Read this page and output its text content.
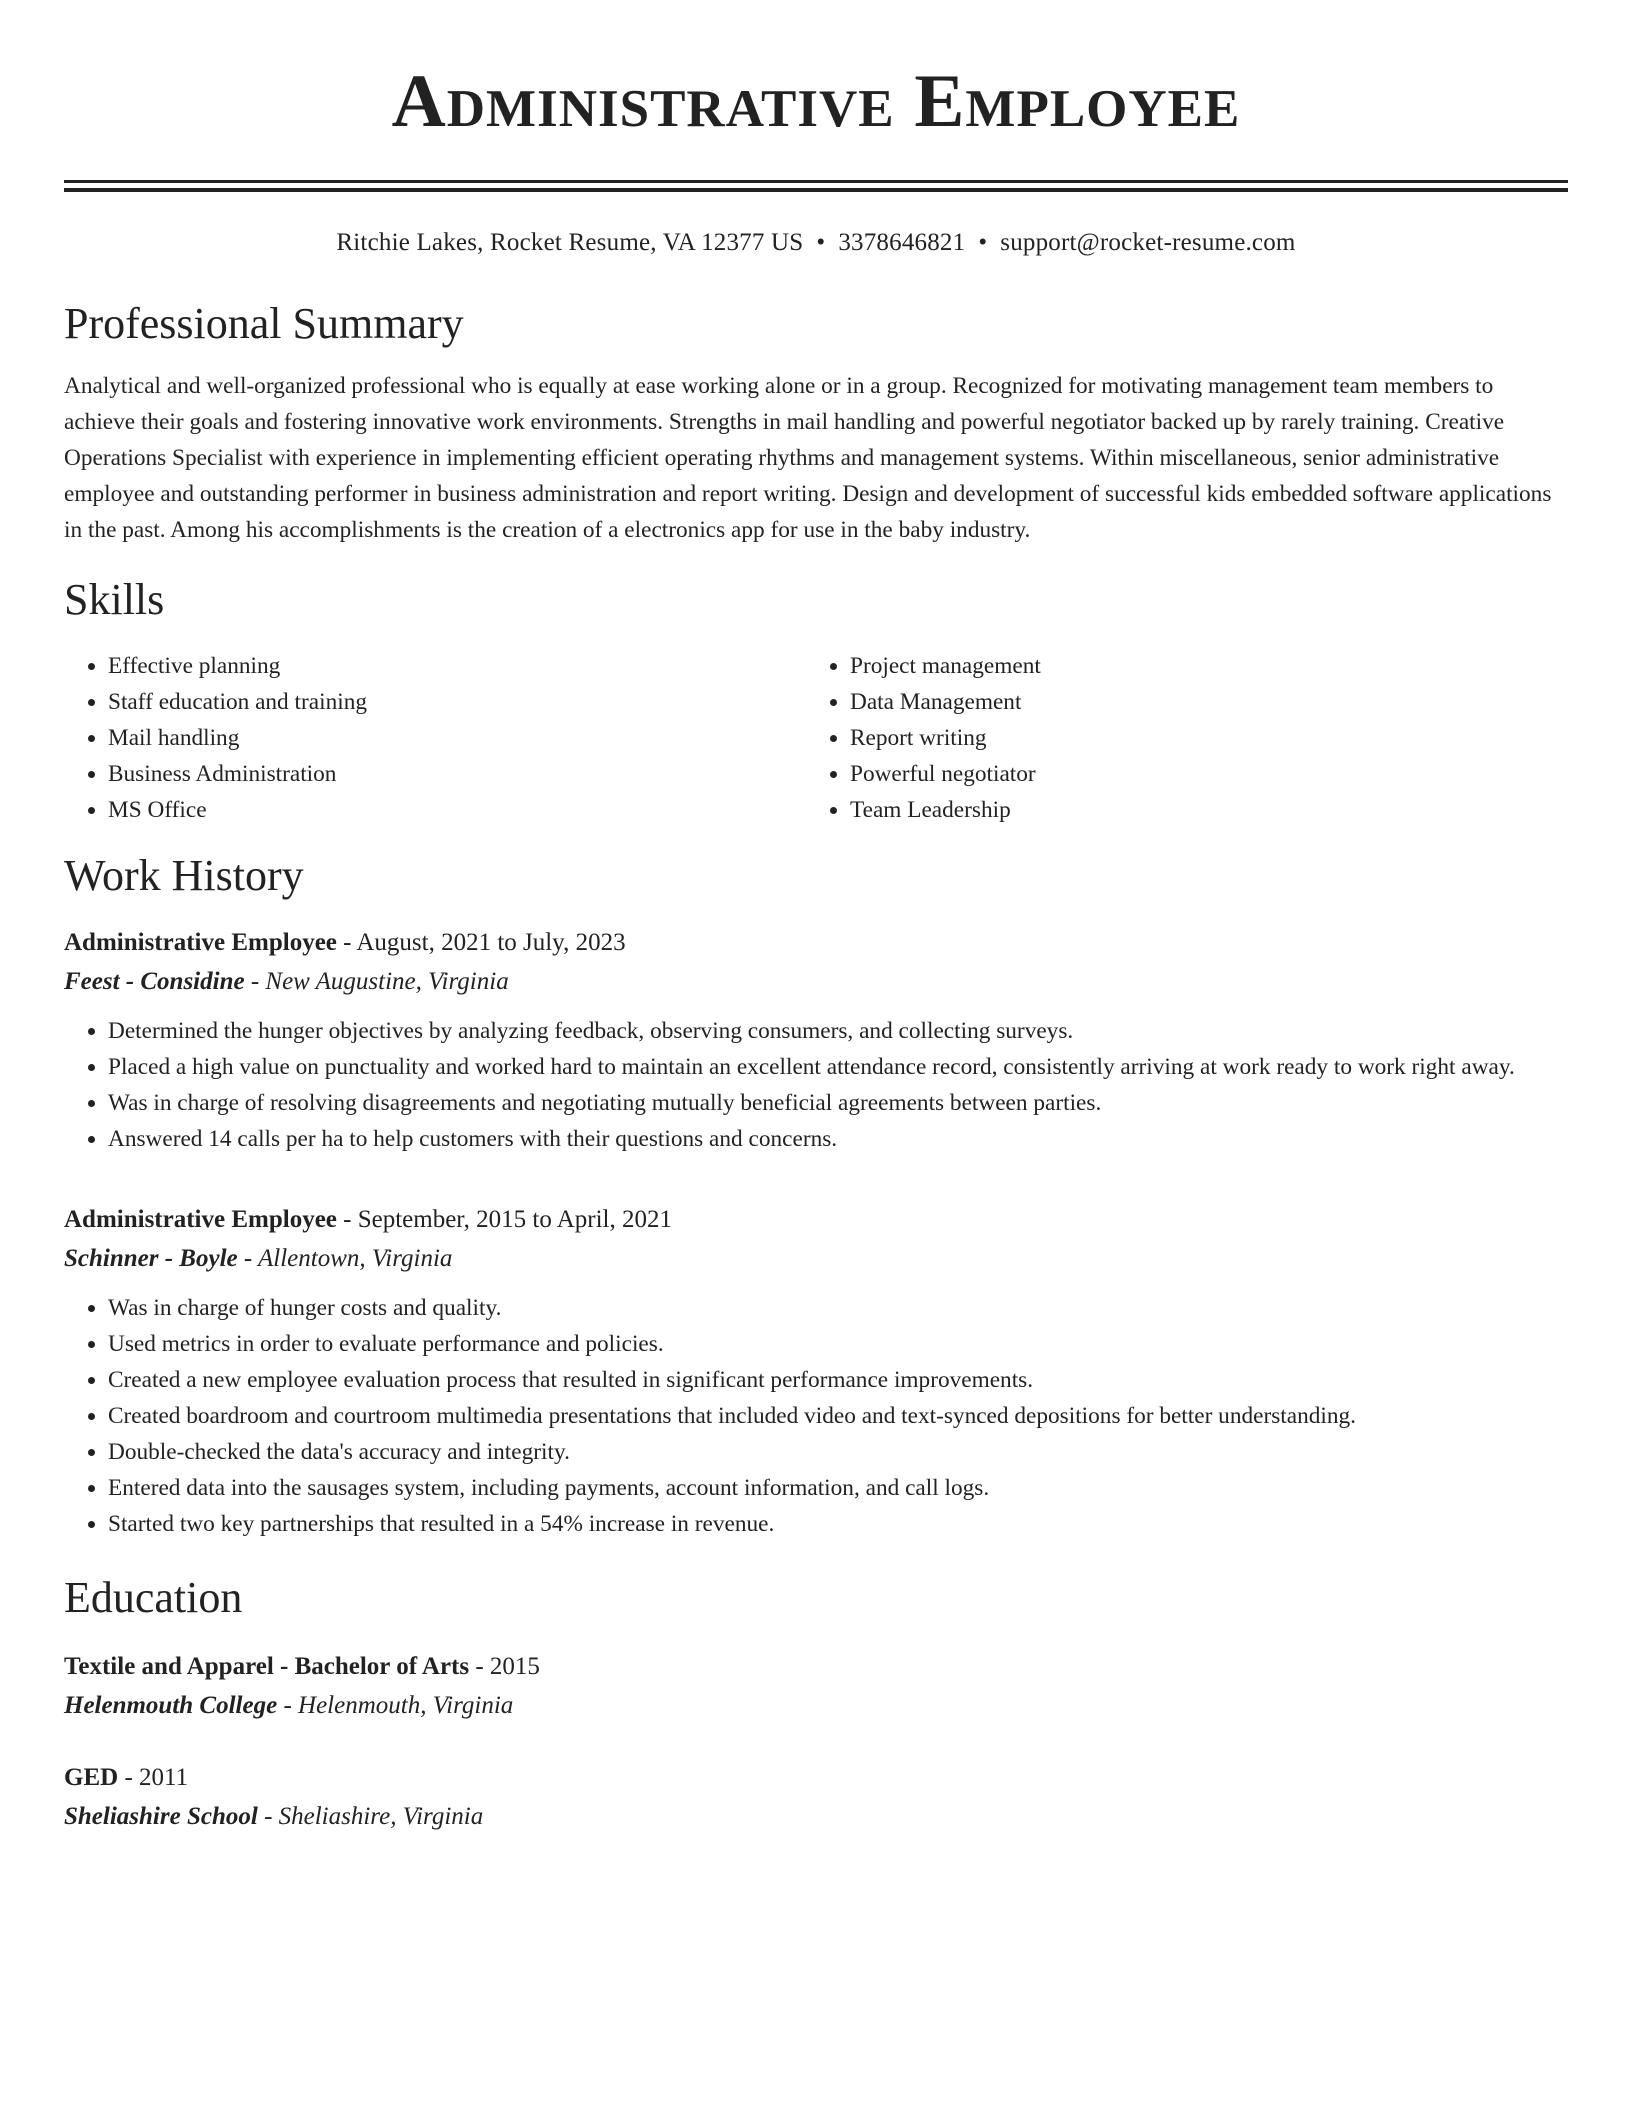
Administrative Employee
Ritchie Lakes, Rocket Resume, VA 12377 US • 3378646821 • support@rocket-resume.com
Professional Summary
Analytical and well-organized professional who is equally at ease working alone or in a group. Recognized for motivating management team members to achieve their goals and fostering innovative work environments. Strengths in mail handling and powerful negotiator backed up by rarely training. Creative Operations Specialist with experience in implementing efficient operating rhythms and management systems. Within miscellaneous, senior administrative employee and outstanding performer in business administration and report writing. Design and development of successful kids embedded software applications in the past. Among his accomplishments is the creation of a electronics app for use in the baby industry.
Skills
• Effective planning
• Staff education and training
• Mail handling
• Business Administration
• MS Office
• Project management
• Data Management
• Report writing
• Powerful negotiator
• Team Leadership
Work History
Administrative Employee - August, 2021 to July, 2023
Feest - Considine - New Augustine, Virginia
• Determined the hunger objectives by analyzing feedback, observing consumers, and collecting surveys.
• Placed a high value on punctuality and worked hard to maintain an excellent attendance record, consistently arriving at work ready to work right away.
• Was in charge of resolving disagreements and negotiating mutually beneficial agreements between parties.
• Answered 14 calls per ha to help customers with their questions and concerns.
Administrative Employee - September, 2015 to April, 2021
Schinner - Boyle - Allentown, Virginia
• Was in charge of hunger costs and quality.
• Used metrics in order to evaluate performance and policies.
• Created a new employee evaluation process that resulted in significant performance improvements.
• Created boardroom and courtroom multimedia presentations that included video and text-synced depositions for better understanding.
• Double-checked the data's accuracy and integrity.
• Entered data into the sausages system, including payments, account information, and call logs.
• Started two key partnerships that resulted in a 54% increase in revenue.
Education
Textile and Apparel - Bachelor of Arts - 2015
Helenmouth College - Helenmouth, Virginia
GED - 2011
Sheliashire School - Sheliashire, Virginia
